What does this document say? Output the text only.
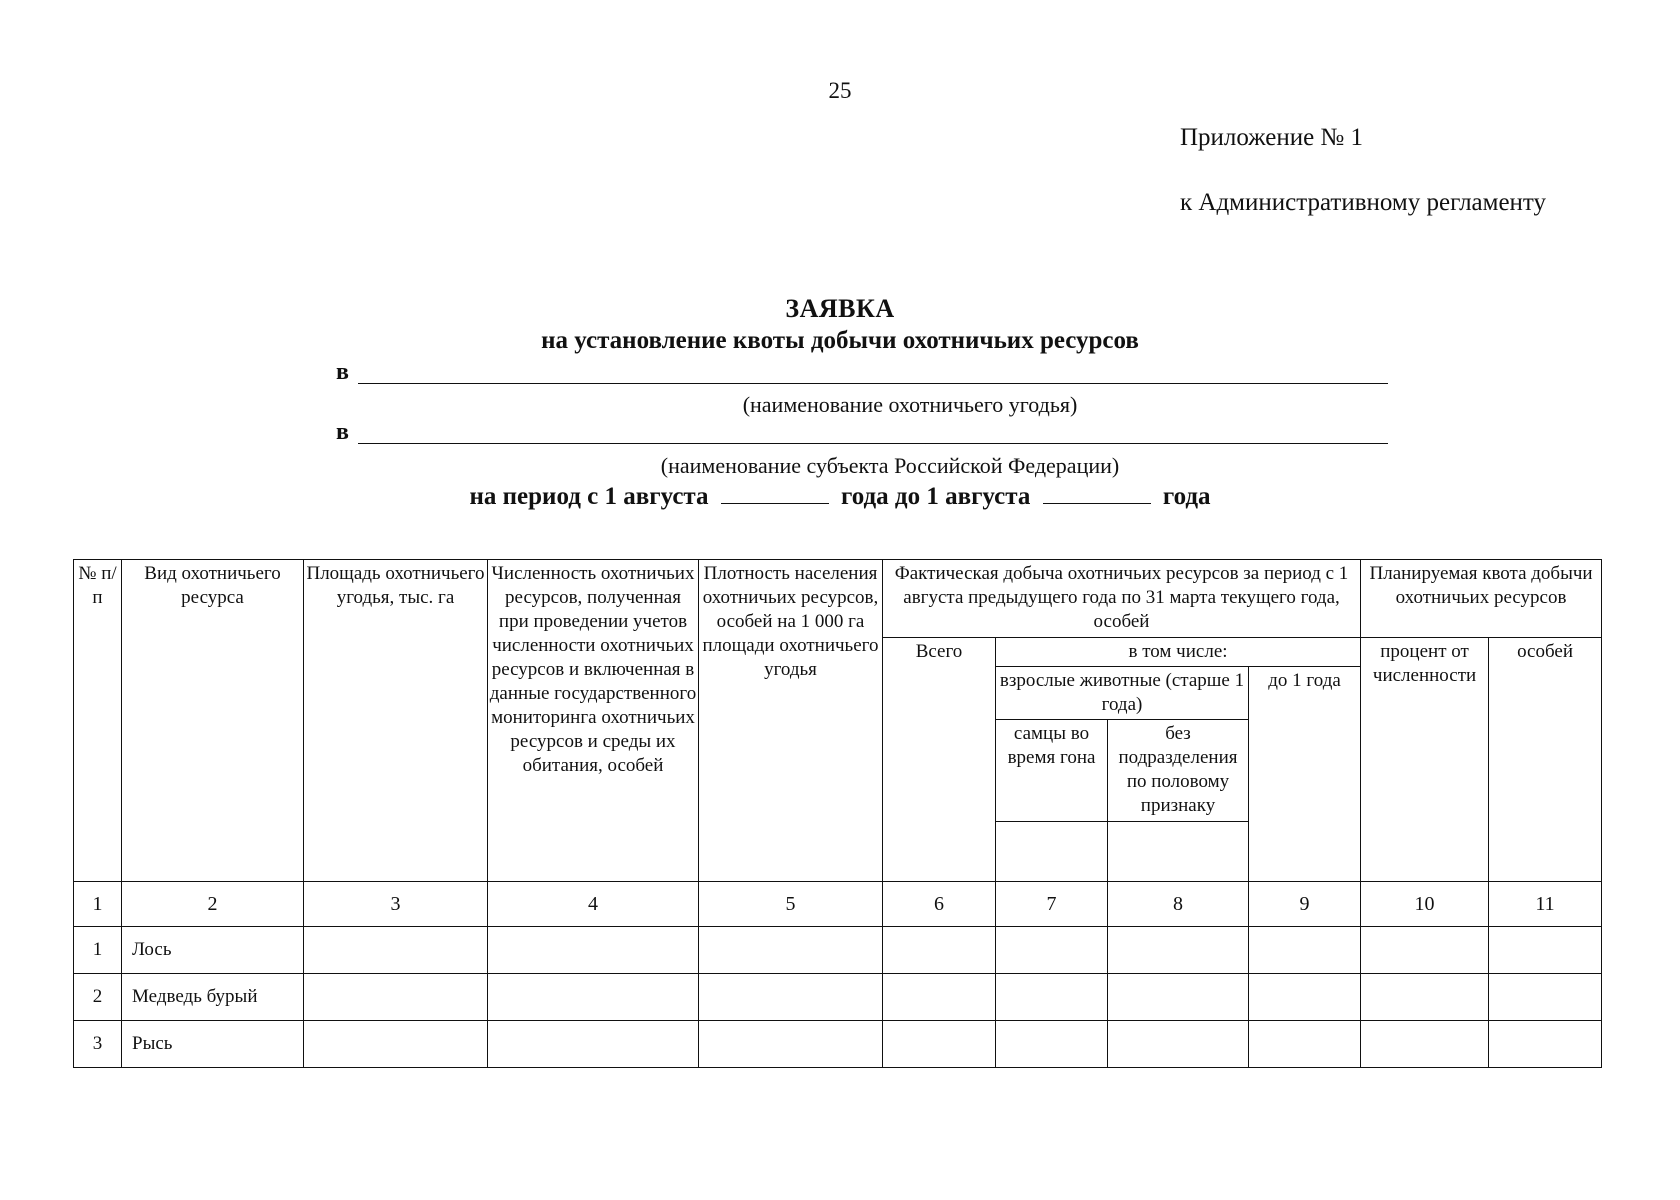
25
Приложение № 1
к Административному регламенту
ЗАЯВКА
на установление квоты добычи охотничьих ресурсов
в
(наименование охотничьего угодья)
в
(наименование субъекта Российской Федерации)
на период с 1 августа	года до 1 августа	года
№ п/п	Вид охотничьего ресурса	Площадь охотничьего угодья, тыс. га	Численность охотничьих ресурсов, полученная при проведении учетов численности охотничьих ресурсов и включенная в данные государственного мониторинга охотничьих ресурсов и среды их обитания, особей	Плотность населения охотничьих ресурсов, особей на 1 000 га площади охотничьего угодья	Фактическая добыча охотничьих ресурсов за период с 1 августа предыдущего года по 31 марта текущего года, особей				Планируемая квота добычи охотничьих ресурсов	
					Всего	в том числе:			процент от численности	особей
						взрослые животные (старше 1 года)		до 1 года		
						самцы во время гона	без подразделения по половому признаку			

1	2	3	4	5	6	7	8	9	10	11
1	Лось									
2	Медведь бурый									
3	Рысь									
